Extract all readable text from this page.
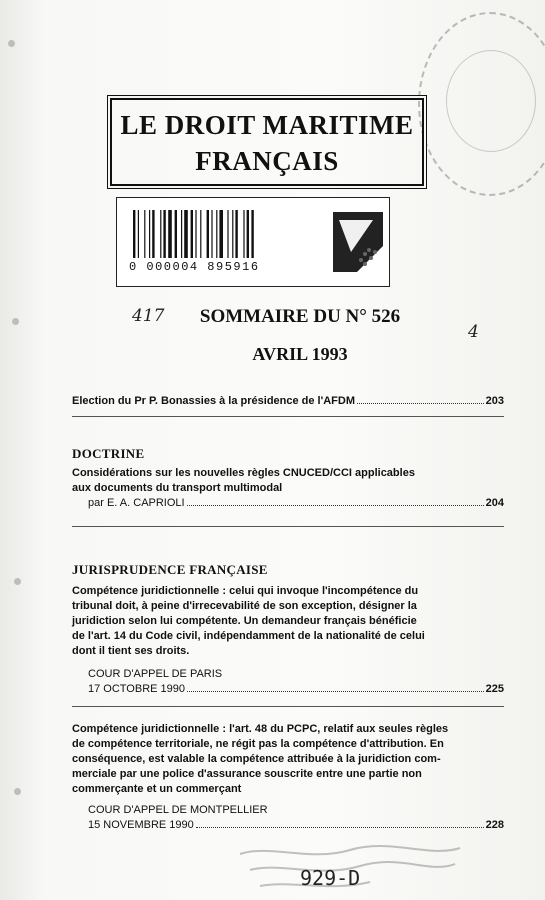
LE DROIT MARITIME
FRANÇAIS
0 000004 895916
417
4
SOMMAIRE DU N° 526
AVRIL 1993
Election du Pr P. Bonassies à la présidence de l'AFDM	203
DOCTRINE
Considérations sur les nouvelles règles CNUCED/CCI applicables
aux documents du transport multimodal
par E. A. CAPRIOLI	204
JURISPRUDENCE FRANÇAISE
Compétence juridictionnelle : celui qui invoque l'incompétence du
tribunal doit, à peine d'irrecevabilité de son exception, désigner la
juridiction selon lui compétente. Un demandeur français bénéficie
de l'art. 14 du Code civil, indépendamment de la nationalité de celui
dont il tient ses droits.
COUR D'APPEL DE PARIS
17 OCTOBRE 1990	225
Compétence juridictionnelle : l'art. 48 du PCPC, relatif aux seules règles
de compétence territoriale, ne régit pas la compétence d'attribution. En
conséquence, est valable la compétence attribuée à la juridiction com-
merciale par une police d'assurance souscrite entre une partie non
commerçante et un commerçant
COUR D'APPEL DE MONTPELLIER
15 NOVEMBRE 1990	228
929-D
